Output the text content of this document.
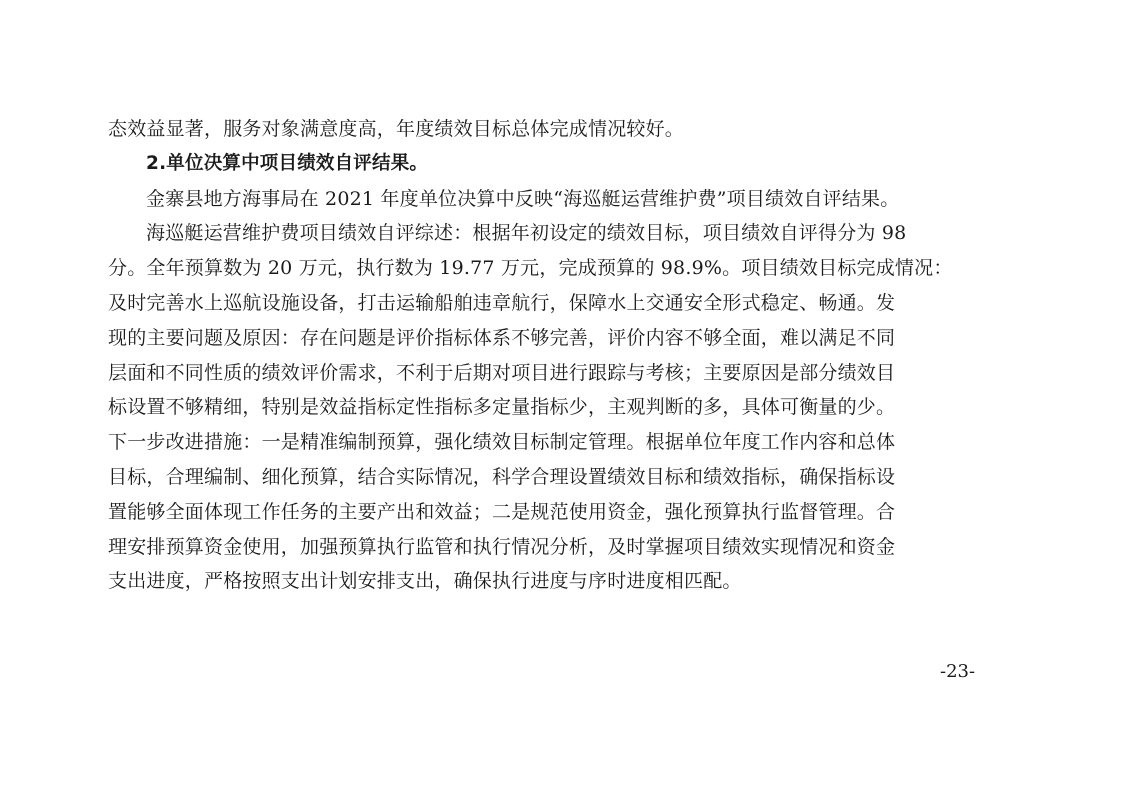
态效益显著，服务对象满意度高，年度绩效目标总体完成情况较好。

2.单位决算中项目绩效自评结果。

金寨县地方海事局在 2021 年度单位决算中反映“海巡艇运营维护费”项目绩效自评结果。

海巡艇运营维护费项目绩效自评综述：根据年初设定的绩效目标，项目绩效自评得分为 98

分。全年预算数为 20 万元，执行数为 19.77 万元，完成预算的 98.9%。项目绩效目标完成情况：

及时完善水上巡航设施设备，打击运输船舶违章航行，保障水上交通安全形式稳定、畅通。发

现的主要问题及原因：存在问题是评价指标体系不够完善，评价内容不够全面，难以满足不同

层面和不同性质的绩效评价需求，不利于后期对项目进行跟踪与考核；主要原因是部分绩效目

标设置不够精细，特别是效益指标定性指标多定量指标少，主观判断的多，具体可衡量的少。

下一步改进措施：一是精准编制预算，强化绩效目标制定管理。根据单位年度工作内容和总体

目标，合理编制、细化预算，结合实际情况，科学合理设置绩效目标和绩效指标，确保指标设

置能够全面体现工作任务的主要产出和效益；二是规范使用资金，强化预算执行监督管理。合

理安排预算资金使用，加强预算执行监管和执行情况分析，及时掌握项目绩效实现情况和资金

支出进度，严格按照支出计划安排支出，确保执行进度与序时进度相匹配。

-23-
